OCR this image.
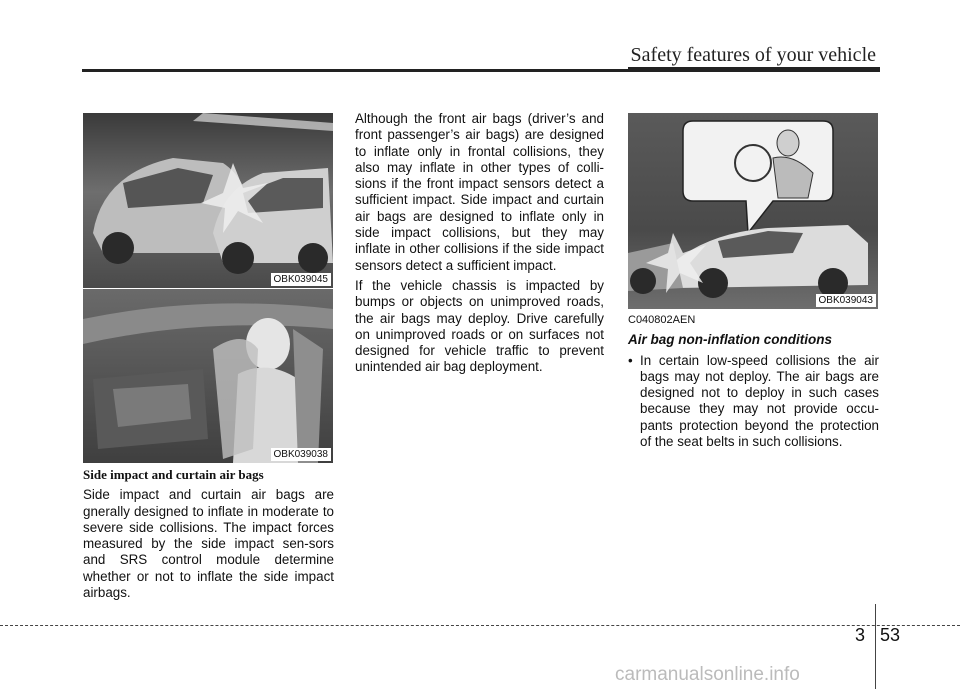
Safety features of your vehicle
OBK039045
OBK039038

Side impact and curtain air bags

Side impact and curtain air bags are gnerally designed to inflate in moderate to severe side collisions. The impact forces measured by the side impact sen-sors and SRS control module determine whether or not to inflate the side impact airbags.

Although the front air bags (driver’s and front passenger’s air bags) are designed to inflate only in frontal collisions, they also may inflate in other types of colli-sions if the front impact sensors detect a sufficient impact. Side impact and curtain air bags are designed to inflate only in side impact collisions, but they may inflate in other collisions if the side impact sensors detect a sufficient impact.

If the vehicle chassis is impacted by bumps or objects on unimproved roads, the air bags may deploy. Drive carefully on unimproved roads or on surfaces not designed for vehicle traffic to prevent unintended air bag deployment.

OBK039043

C040802AEN

Air bag non-inflation conditions

• In certain low-speed collisions the air bags may not deploy. The air bags are designed not to deploy in such cases because they may not provide occu-pants protection beyond the protection of the seat belts in such collisions.
3 53
carmanualsonline.info
